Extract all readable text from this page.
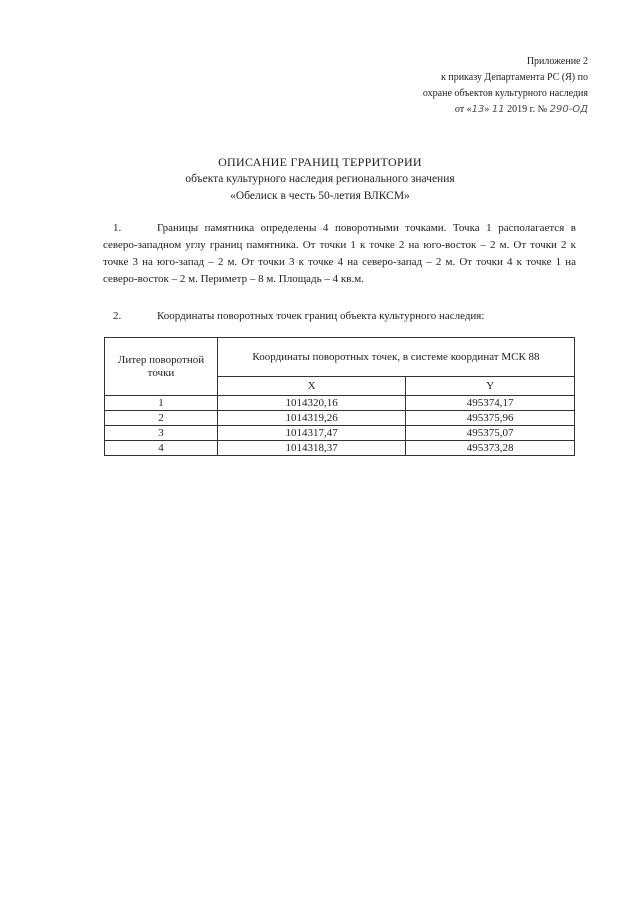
Приложение 2
к приказу Департамента РС (Я) по
охране объектов культурного наследия
от «13» 11 2019 г. № 290-ОД
ОПИСАНИЕ ГРАНИЦ ТЕРРИТОРИИ
объекта культурного наследия регионального значения
«Обелиск в честь 50-летия ВЛКСМ»
1.	Границы памятника определены 4 поворотными точками. Точка 1 располагается в северо-западном углу границ памятника. От точки 1 к точке 2 на юго-восток – 2 м. От точки 2 к точке 3 на юго-запад – 2 м. От точки 3 к точке 4 на северо-запад – 2 м. От точки 4 к точке 1 на северо-восток – 2 м. Периметр – 8 м. Площадь – 4 кв.м.
2.	Координаты поворотных точек границ объекта культурного наследия:
Литер поворотной точки	Координаты поворотных точек, в системе координат МСК 88	
	X	Y
1	1014320,16	495374,17
2	1014319,26	495375,96
3	1014317,47	495375,07
4	1014318,37	495373,28
